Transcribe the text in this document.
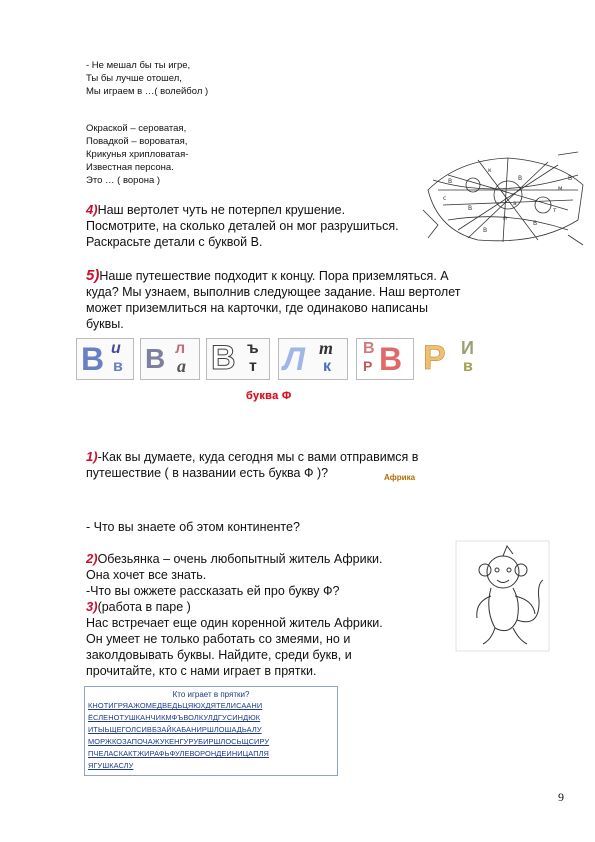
- Не мешал бы ты игре,
Ты бы лучше отошел,
Мы играем в …( волейбол )
Окраской – сероватая,
Повадкой – вороватая,
Крикунья хрипловатая-
Известная персона.
Это … ( ворона )	В
к
В
м
В
п
В
т
В
с
В
а
4)Наш вертолет чуть не потерпел крушение.
Посмотрите, на сколько деталей он мог разрушиться.
Раскрасьте детали с буквой В.
5)Наше путешествие подходит к концу. Пора приземляться. А
куда? Мы узнаем, выполнив следующее задание. Наш вертолет
может приземлиться на карточки, где одинаково написаны
буквы.
В и
в В л
а В ъ
т Л т
к
В В
Р Р И
в
буква Ф
1)-Как вы думаете, куда сегодня мы с вами отправимся в
путешествие ( в названии есть буква Ф )?	Африка
- Что вы знаете об этом континенте?
2)Обезьянка – очень любопытный житель Африки.
Она хочет все знать.
-Что вы ожжете рассказать ей про букву Ф?
3)(работа в паре )
Нас встречает еще один коренной житель Африки.
Он умеет не только работать со змеями, но и
заколдовывать буквы. Найдите, среди букв, и
прочитайте, кто с нами играет в прятки.
Кто играет в прятки?
КНОТИГРЯАЖОМЕДВЕДЬЦЯЮХДЯТЕЛИСААНИ
ЁСЛЕНОТУШКАНЧИКМФЪВОЛКУЛДГУСИНДЮК
ИТЫЬЩЕГОЛСИВБЗАЙКАБАНИРШЛОШАДЬАЛУ
МОРЖКОЗАПОЧАЖУКЕНГУРУБИРШЛОСЬЩСИРУ
ПЧЕЛАСКАКТЖИРАФЬФУЛЕВОРОНДЕИНИЦАПЛЯ
ЯГУШКАСЛУ
9
